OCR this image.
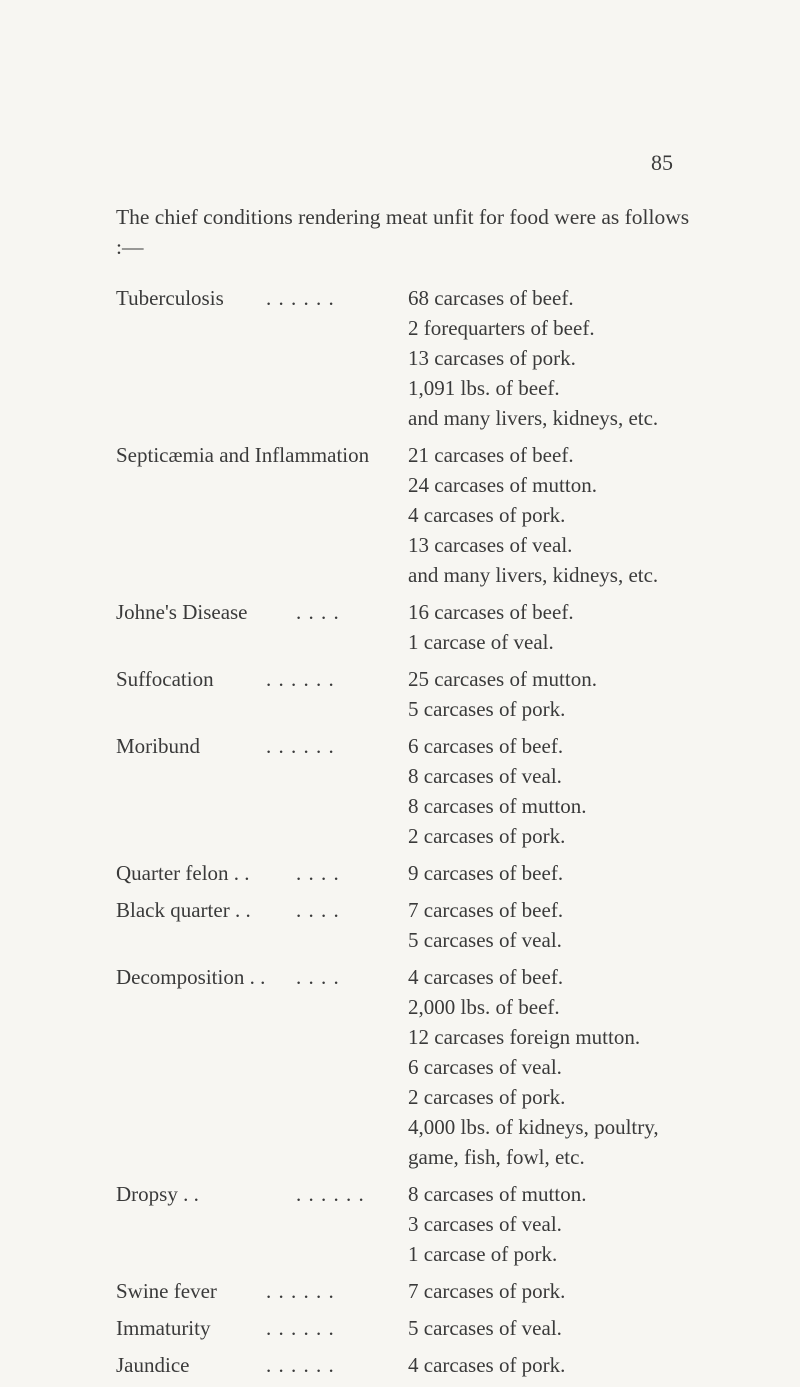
85
The chief conditions rendering meat unfit for food were as follows :—
Tuberculosis . . . . . .	68 carcases of beef.
2 forequarters of beef.
13 carcases of pork.
1,091 lbs. of beef.
and many livers, kidneys, etc.
Septicæmia and Inflammation 21 carcases of beef.
24 carcases of mutton.
4 carcases of pork.
13 carcases of veal.
and many livers, kidneys, etc.
Johne's Disease . . . .	16 carcases of beef.
1 carcase of veal.
Suffocation . . . . . .	25 carcases of mutton.
5 carcases of pork.
Moribund	. . . . . .	6 carcases of beef.
8 carcases of veal.
8 carcases of mutton.
2 carcases of pork.
Quarter felon . . . . . .	9 carcases of beef.
Black quarter . . . . . .	7 carcases of beef.
5 carcases of veal.
Decomposition . . . . . .	4 carcases of beef.
2,000 lbs. of beef.
12 carcases foreign mutton.
6 carcases of veal.
2 carcases of pork.
4,000 lbs. of kidneys, poultry,
game, fish, fowl, etc.
Dropsy . .	. . . . . . 8 carcases of mutton.
3 carcases of veal.
1 carcase of pork.
Swine fever . . . . . .	7 carcases of pork.
Immaturity	. . . . . .	5 carcases of veal.
Jaundice	. . . . . .	4 carcases of pork.
